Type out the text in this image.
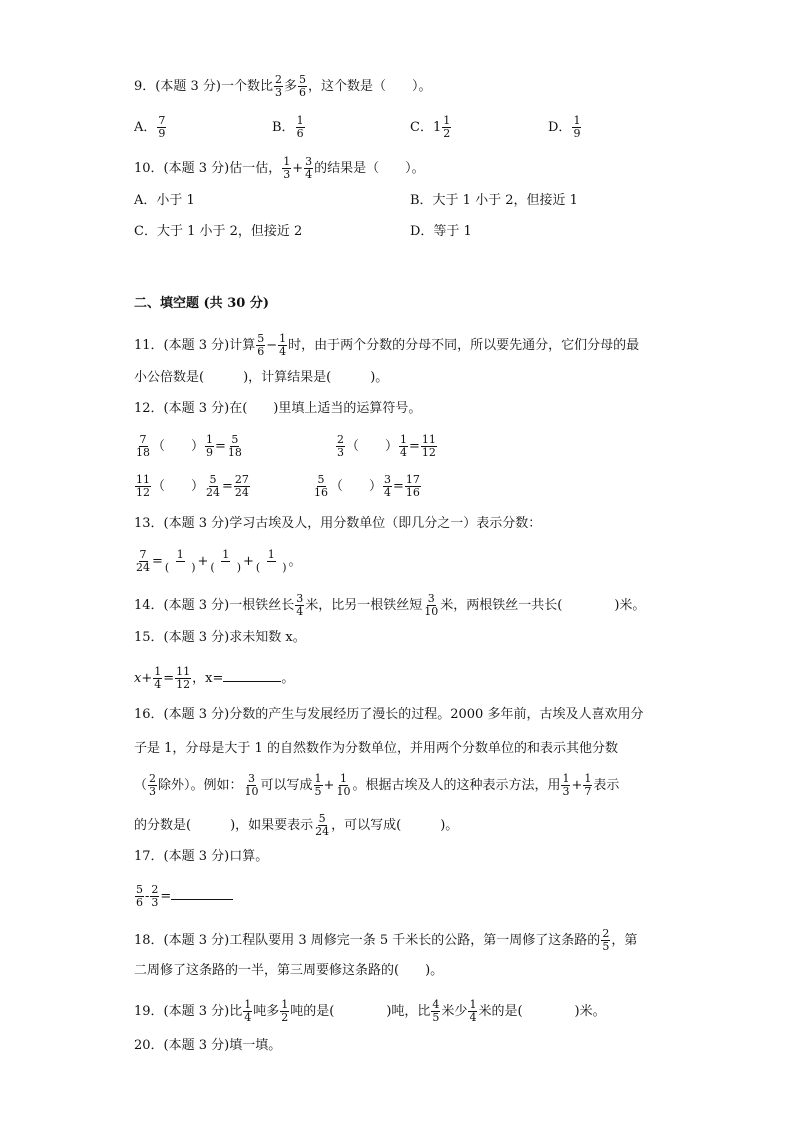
9．(本题 3 分)一个数比 $\frac{2}{3}$ 多 $\frac{5}{6}$ ，这个数是（　　）。
A． $\frac{7}{9}$	B． $\frac{1}{6}$	C．$1 \frac{1}{2}$	D． $\frac{1}{9}$
10．(本题 3 分)估一估， $\frac{1}{3} + \frac{3}{4}$ 的结果是（　　）。
A．小于 1	B．大于 1 小于 2，但接近 1
C．大于 1 小于 2，但接近 2	D．等于 1
二、填空题 (共 30 分)
11．(本题 3 分)计算 $\frac{5}{6} - \frac{1}{4}$ 时，由于两个分数的分母不同，所以要先通分，它们分母的最
小公倍数是(　　　)，计算结果是(　　　)。
12．(本题 3 分)在(　　)里填上适当的运算符号。
$\frac{7}{18}$ （　　） $\frac{1}{9} = \frac{5}{18}$	$\frac{2}{3}$ （　　） $\frac{1}{4} = \frac{11}{12}$
$\frac{11}{12}$ （　　） $\frac{5}{24} = \frac{27}{24}$	$\frac{5}{16}$ （　　） $\frac{3}{4} = \frac{17}{16}$
13．(本题 3 分)学习古埃及人，用分数单位（即几分之一）表示分数：
$\frac{7}{24} = 1$
(　　) + 1
(　　) + 1
(　　) 。
14．(本题 3 分)一根铁丝长 $\frac{3}{4}$ 米，比另一根铁丝短 $\frac{3}{10}$ 米，两根铁丝一共长(　　　　)米。
15．(本题 3 分)求未知数 x。
$x+ \frac{1}{4} = \frac{11}{12}$ ，x=	。
16．(本题 3 分)分数的产生与发展经历了漫长的过程。2000 多年前，古埃及人喜欢用分
子是 1，分母是大于 1 的自然数作为分数单位，并用两个分数单位的和表示其他分数
（ $\frac{2}{3}$ 除外）。例如： $\frac{3}{10}$ 可以写成 $\frac{1}{5} + \frac{1}{10}$ 。根据古埃及人的这种表示方法，用 $\frac{1}{3} + \frac{1}{7}$ 表示
的分数是(　　　)，如果要表示 $\frac{5}{24}$ ，可以写成(　　　)。
17．(本题 3 分)口算。
$\frac{5}{6} - \frac{2}{3}$ =
18．(本题 3 分)工程队要用 3 周修完一条 5 千米长的公路，第一周修了这条路的 $\frac{2}{5}$ ，第
二周修了这条路的一半，第三周要修这条路的(　　)。
19．(本题 3 分)比 $\frac{1}{4}$ 吨多 $\frac{1}{2}$ 吨的是(　　　　)吨，比 $\frac{4}{5}$ 米少 $\frac{1}{4}$ 米的是(　　　　)米。
20．(本题 3 分)填一填。
